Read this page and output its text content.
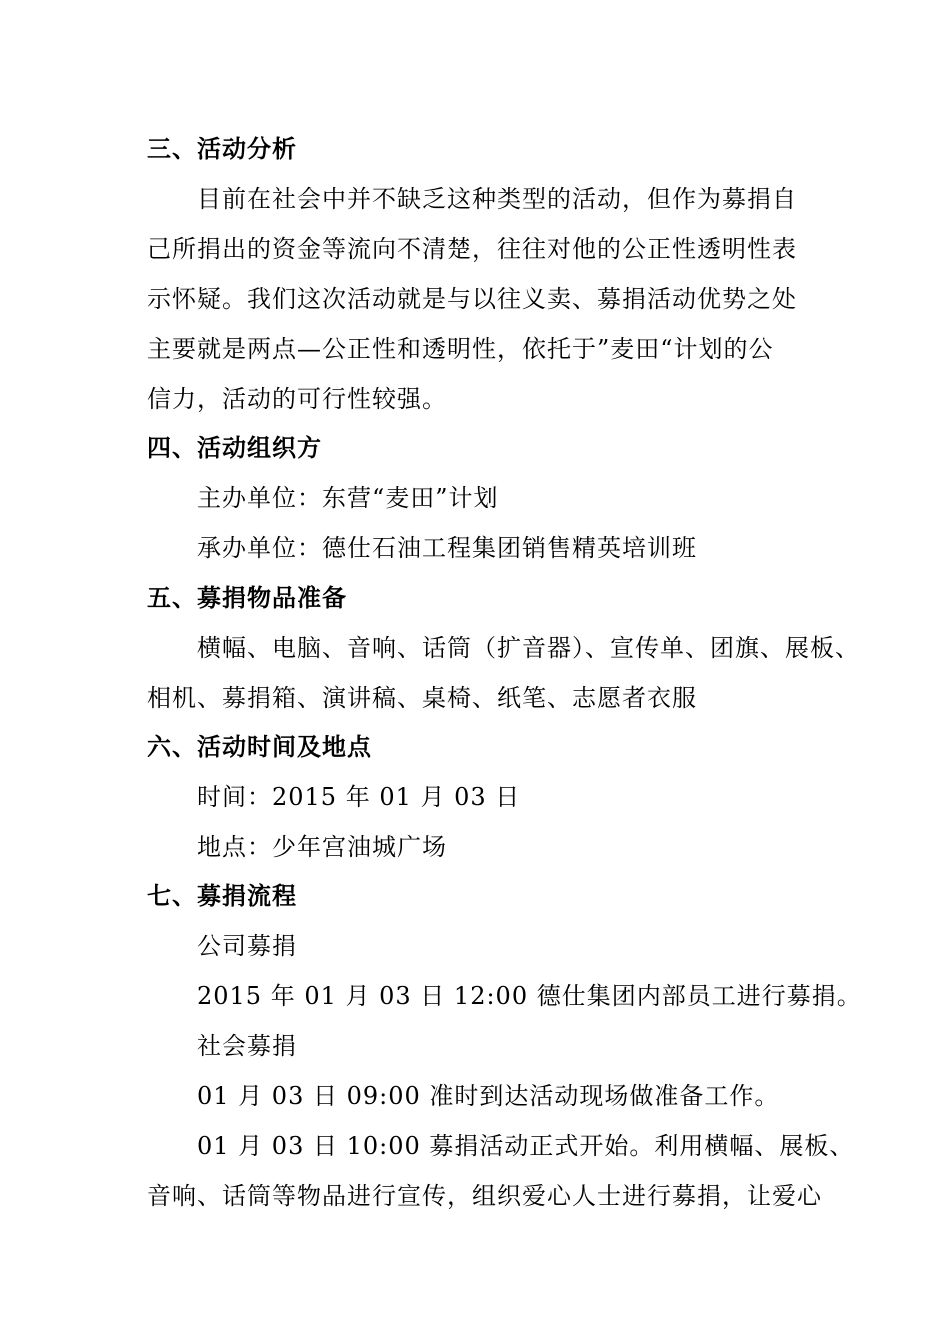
三、活动分析
目前在社会中并不缺乏这种类型的活动，但作为募捐自
己所捐出的资金等流向不清楚，往往对他的公正性透明性表
示怀疑。我们这次活动就是与以往义卖、募捐活动优势之处
主要就是两点—公正性和透明性，依托于”麦田“计划的公
信力，活动的可行性较强。
四、活动组织方
主办单位：东营“麦田”计划
承办单位：德仕石油工程集团销售精英培训班
五、募捐物品准备
横幅、电脑、音响、话筒（扩音器）、宣传单、团旗、展板、
相机、募捐箱、演讲稿、桌椅、纸笔、志愿者衣服
六、活动时间及地点
时间：2015 年 01 月 03 日
地点：少年宫油城广场
七、募捐流程
公司募捐
2015 年 01 月 03 日 12:00 德仕集团内部员工进行募捐。
社会募捐
01 月 03 日 09:00 准时到达活动现场做准备工作。
01 月 03 日 10:00 募捐活动正式开始。利用横幅、展板、
音响、话筒等物品进行宣传，组织爱心人士进行募捐，让爱心
